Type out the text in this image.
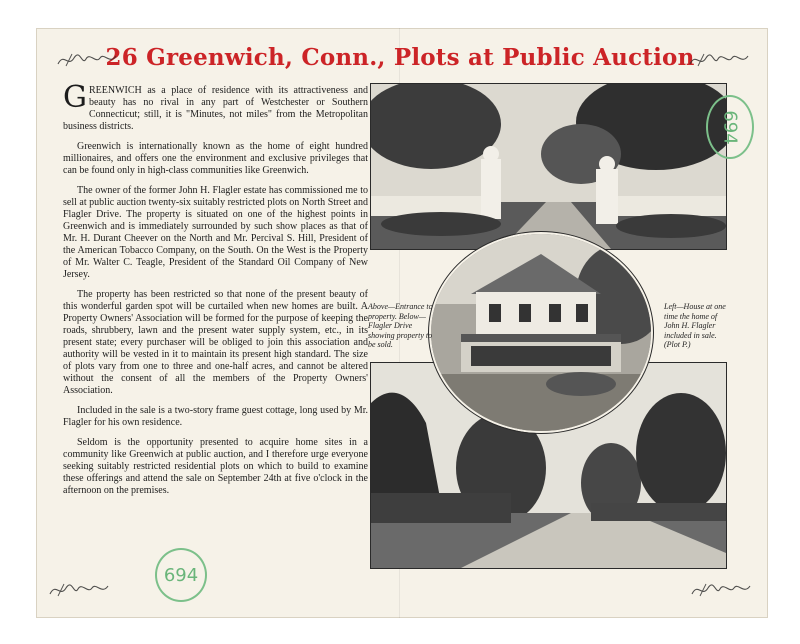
26 Greenwich, Conn., Plots at Public Auction

GREENWICH as a place of residence with its attractiveness and beauty has no rival in any part of Westchester or Southern Connecticut; still, it is "Minutes, not miles" from the Metropolitan business districts.

Greenwich is internationally known as the home of eight hundred millionaires, and offers one the environment and exclusive privileges that can be found only in high-class communities like Greenwich.

The owner of the former John H. Flagler estate has commissioned me to sell at public auction twenty-six suitably restricted plots on North Street and Flagler Drive. The property is situated on one of the highest points in Greenwich and is immediately surrounded by such show places as that of Mr. H. Durant Cheever on the North and Mr. Percival S. Hill, President of the American Tobacco Company, on the South. On the West is the Property of Mr. Walter C. Teagle, President of the Standard Oil Company of New Jersey.

The property has been restricted so that none of the present beauty of this wonderful garden spot will be curtailed when new homes are built. A Property Owners' Association will be formed for the purpose of keeping the roads, shrubbery, lawn and the present water supply system, etc., in its present state; every purchaser will be obliged to join this association and authority will be vested in it to maintain its present high standard. The size of plots vary from one to three and one-half acres, and cannot be altered without the consent of all the members of the Property Owners' Association.

Included in the sale is a two-story frame guest cottage, long used by Mr. Flagler for his own residence.

Seldom is the opportunity presented to acquire home sites in a community like Greenwich at public auction, and I therefore urge everyone seeking suitably restricted residential plots on which to build to examine these offerings and attend the sale on September 24th at five o'clock in the afternoon on the premises.

Above—Entrance to property. Below—Flagler Drive showing property to be sold.
Left—House at one time the home of John H. Flagler included in sale. (Plot P.)
694
694
